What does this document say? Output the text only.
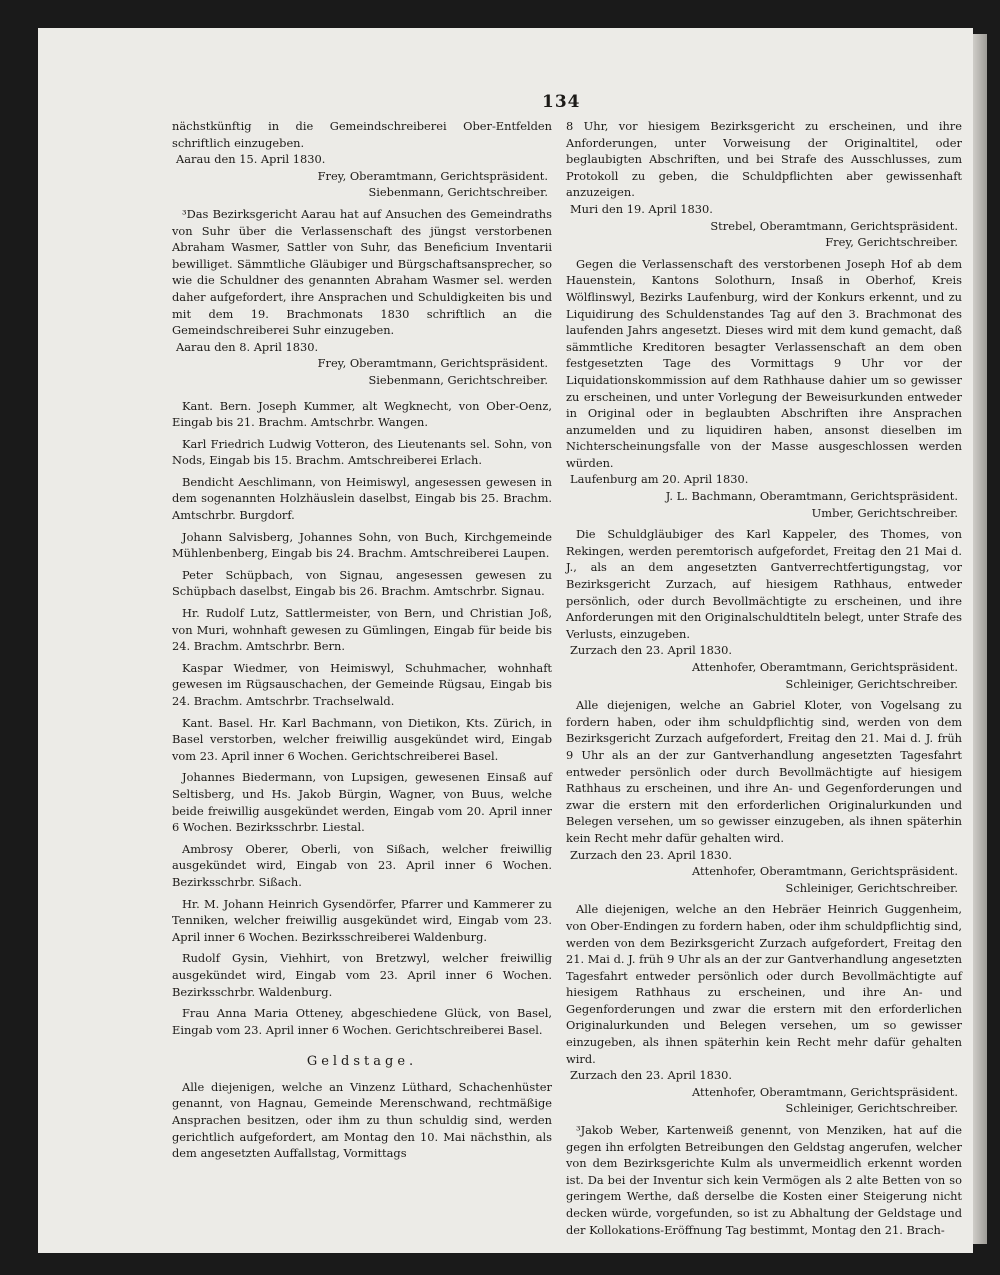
134

nächstkünftig in die Gemeindschreiberei Ober-Entfelden schriftlich einzugeben.

Aarau den 15. April 1830.

Frey, Oberamtmann, Gerichtspräsident.

Siebenmann, Gerichtschreiber.

³Das Bezirksgericht Aarau hat auf Ansuchen des Gemeindraths von Suhr über die Verlassenschaft des jüngst verstorbenen Abraham Wasmer, Sattler von Suhr, das Beneficium Inventarii bewilliget. Sämmtliche Gläubiger und Bürgschaftsansprecher, so wie die Schuldner des genannten Abraham Wasmer sel. werden daher aufgefordert, ihre Ansprachen und Schuldigkeiten bis und mit dem 19. Brachmonats 1830 schriftlich an die Gemeindschreiberei Suhr einzugeben.

Aarau den 8. April 1830.

Frey, Oberamtmann, Gerichtspräsident.

Siebenmann, Gerichtschreiber.

Kant. Bern. Joseph Kummer, alt Wegknecht, von Ober-Oenz, Eingab bis 21. Brachm. Amtschrbr. Wangen.

Karl Friedrich Ludwig Votteron, des Lieutenants sel. Sohn, von Nods, Eingab bis 15. Brachm. Amtschreiberei Erlach.

Bendicht Aeschlimann, von Heimiswyl, angesessen gewesen in dem sogenannten Holzhäuslein daselbst, Eingab bis 25. Brachm. Amtschrbr. Burgdorf.

Johann Salvisberg, Johannes Sohn, von Buch, Kirchgemeinde Mühlenbenberg, Eingab bis 24. Brachm. Amtschreiberei Laupen.

Peter Schüpbach, von Signau, angesessen gewesen zu Schüpbach daselbst, Eingab bis 26. Brachm. Amtschrbr. Signau.

Hr. Rudolf Lutz, Sattlermeister, von Bern, und Christian Joß, von Muri, wohnhaft gewesen zu Gümlingen, Eingab für beide bis 24. Brachm. Amtschrbr. Bern.

Kaspar Wiedmer, von Heimiswyl, Schuhmacher, wohnhaft gewesen im Rügsauschachen, der Gemeinde Rügsau, Eingab bis 24. Brachm. Amtschrbr. Trachselwald.

Kant. Basel. Hr. Karl Bachmann, von Dietikon, Kts. Zürich, in Basel verstorben, welcher freiwillig ausgekündet wird, Eingab vom 23. April inner 6 Wochen. Gerichtschreiberei Basel.

Johannes Biedermann, von Lupsigen, gewesenen Einsaß auf Seltisberg, und Hs. Jakob Bürgin, Wagner, von Buus, welche beide freiwillig ausgekündet werden, Eingab vom 20. April inner 6 Wochen. Bezirksschrbr. Liestal.

Ambrosy Oberer, Oberli, von Sißach, welcher freiwillig ausgekündet wird, Eingab von 23. April inner 6 Wochen. Bezirksschrbr. Sißach.

Hr. M. Johann Heinrich Gysendörfer, Pfarrer und Kammerer zu Tenniken, welcher freiwillig ausgekündet wird, Eingab vom 23. April inner 6 Wochen. Bezirksschreiberei Waldenburg.

Rudolf Gysin, Viehhirt, von Bretzwyl, welcher freiwillig ausgekündet wird, Eingab vom 23. April inner 6 Wochen. Bezirksschrbr. Waldenburg.

Frau Anna Maria Otteney, abgeschiedene Glück, von Basel, Eingab vom 23. April inner 6 Wochen. Gerichtschreiberei Basel.

Geldstage.

Alle diejenigen, welche an Vinzenz Lüthard, Schachenhüster genannt, von Hagnau, Gemeinde Merenschwand, rechtmäßige Ansprachen besitzen, oder ihm zu thun schuldig sind, werden gerichtlich aufgefordert, am Montag den 10. Mai nächsthin, als dem angesetzten Auffallstag, Vormittags

8 Uhr, vor hiesigem Bezirksgericht zu erscheinen, und ihre Anforderungen, unter Vorweisung der Originaltitel, oder beglaubigten Abschriften, und bei Strafe des Ausschlusses, zum Protokoll zu geben, die Schuldpflichten aber gewissenhaft anzuzeigen.

Muri den 19. April 1830.

Strebel, Oberamtmann, Gerichtspräsident.

Frey, Gerichtschreiber.

Gegen die Verlassenschaft des verstorbenen Joseph Hof ab dem Hauenstein, Kantons Solothurn, Insaß in Oberhof, Kreis Wölflinswyl, Bezirks Laufenburg, wird der Konkurs erkennt, und zu Liquidirung des Schuldenstandes Tag auf den 3. Brachmonat des laufenden Jahrs angesetzt. Dieses wird mit dem kund gemacht, daß sämmtliche Kreditoren besagter Verlassenschaft an dem oben festgesetzten Tage des Vormittags 9 Uhr vor der Liquidationskommission auf dem Rathhause dahier um so gewisser zu erscheinen, und unter Vorlegung der Beweisurkunden entweder in Original oder in beglaubten Abschriften ihre Ansprachen anzumelden und zu liquidiren haben, ansonst dieselben im Nichterscheinungsfalle von der Masse ausgeschlossen werden würden.

Laufenburg am 20. April 1830.

J. L. Bachmann, Oberamtmann, Gerichtspräsident.

Umber, Gerichtschreiber.

Die Schuldgläubiger des Karl Kappeler, des Thomes, von Rekingen, werden peremtorisch aufgefordet, Freitag den 21 Mai d. J., als an dem angesetzten Gantverrechtfertigungstag, vor Bezirksgericht Zurzach, auf hiesigem Rathhaus, entweder persönlich, oder durch Bevollmächtigte zu erscheinen, und ihre Anforderungen mit den Originalschuldtiteln belegt, unter Strafe des Verlusts, einzugeben.

Zurzach den 23. April 1830.

Attenhofer, Oberamtmann, Gerichtspräsident.

Schleiniger, Gerichtschreiber.

Alle diejenigen, welche an Gabriel Kloter, von Vogelsang zu fordern haben, oder ihm schuldpflichtig sind, werden von dem Bezirksgericht Zurzach aufgefordert, Freitag den 21. Mai d. J. früh 9 Uhr als an der zur Gantverhandlung angesetzten Tagesfahrt entweder persönlich oder durch Bevollmächtigte auf hiesigem Rathhaus zu erscheinen, und ihre An- und Gegenforderungen und zwar die erstern mit den erforderlichen Originalurkunden und Belegen versehen, um so gewisser einzugeben, als ihnen späterhin kein Recht mehr dafür gehalten wird.

Zurzach den 23. April 1830.

Attenhofer, Oberamtmann, Gerichtspräsident.

Schleiniger, Gerichtschreiber.

Alle diejenigen, welche an den Hebräer Heinrich Guggenheim, von Ober-Endingen zu fordern haben, oder ihm schuldpflichtig sind, werden von dem Bezirksgericht Zurzach aufgefordert, Freitag den 21. Mai d. J. früh 9 Uhr als an der zur Gantverhandlung angesetzten Tagesfahrt entweder persönlich oder durch Bevollmächtigte auf hiesigem Rathhaus zu erscheinen, und ihre An- und Gegenforderungen und zwar die erstern mit den erforderlichen Originalurkunden und Belegen versehen, um so gewisser einzugeben, als ihnen späterhin kein Recht mehr dafür gehalten wird.

Zurzach den 23. April 1830.

Attenhofer, Oberamtmann, Gerichtspräsident.

Schleiniger, Gerichtschreiber.

³Jakob Weber, Kartenweiß genennt, von Menziken, hat auf die gegen ihn erfolgten Betreibungen den Geldstag angerufen, welcher von dem Bezirksgerichte Kulm als unvermeidlich erkennt worden ist. Da bei der Inventur sich kein Vermögen als 2 alte Betten von so geringem Werthe, daß derselbe die Kosten einer Steigerung nicht decken würde, vorgefunden, so ist zu Abhaltung der Geldstage und der Kollokations-Eröffnung Tag bestimmt, Montag den 21. Brach-
